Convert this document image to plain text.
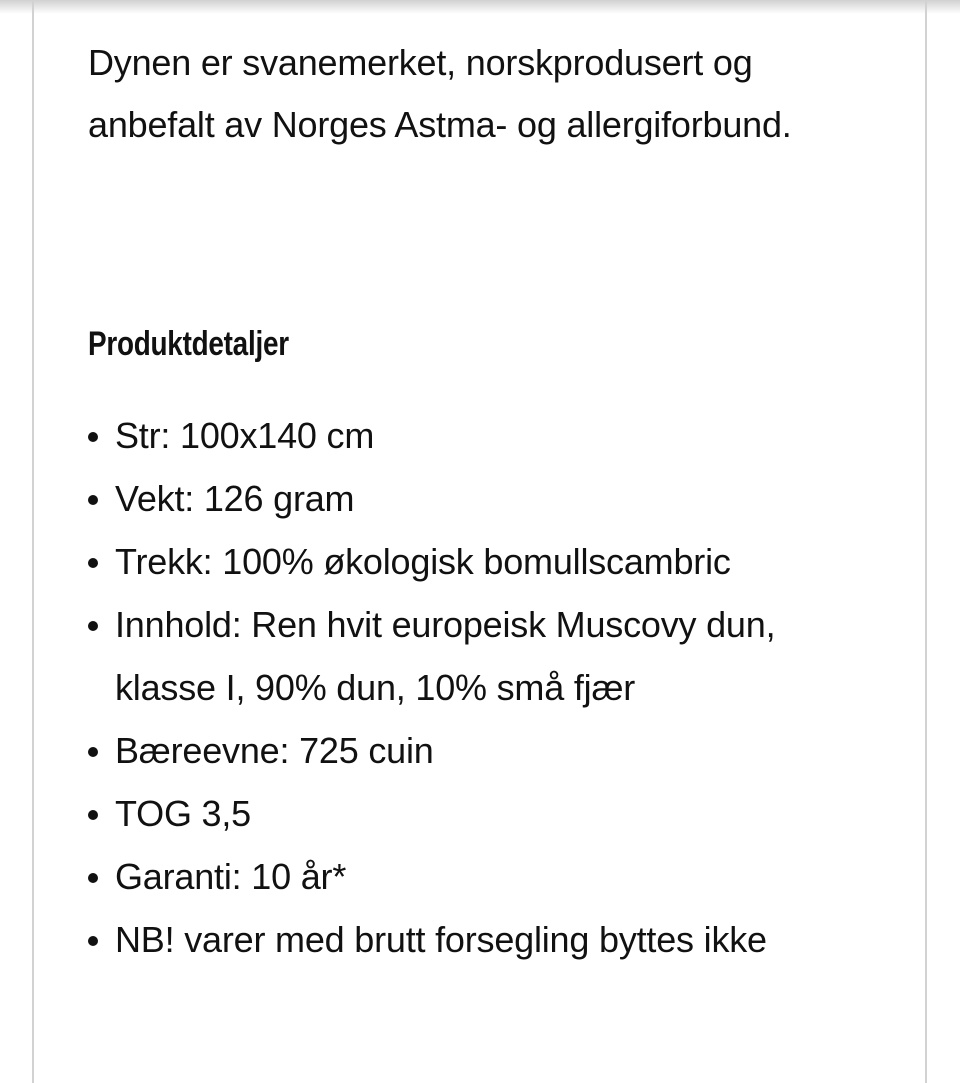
Dynen er svanemerket, norskprodusert og anbefalt av Norges Astma- og allergiforbund.

Produktdetaljer
Str: 100x140 cm
Vekt: 126 gram
Trekk: 100% økologisk bomullscambric
Innhold: Ren hvit europeisk Muscovy dun, klasse I, 90% dun, 10% små fjær
Bæreevne: 725 cuin
TOG 3,5
Garanti: 10 år*
NB! varer med brutt forsegling byttes ikke
